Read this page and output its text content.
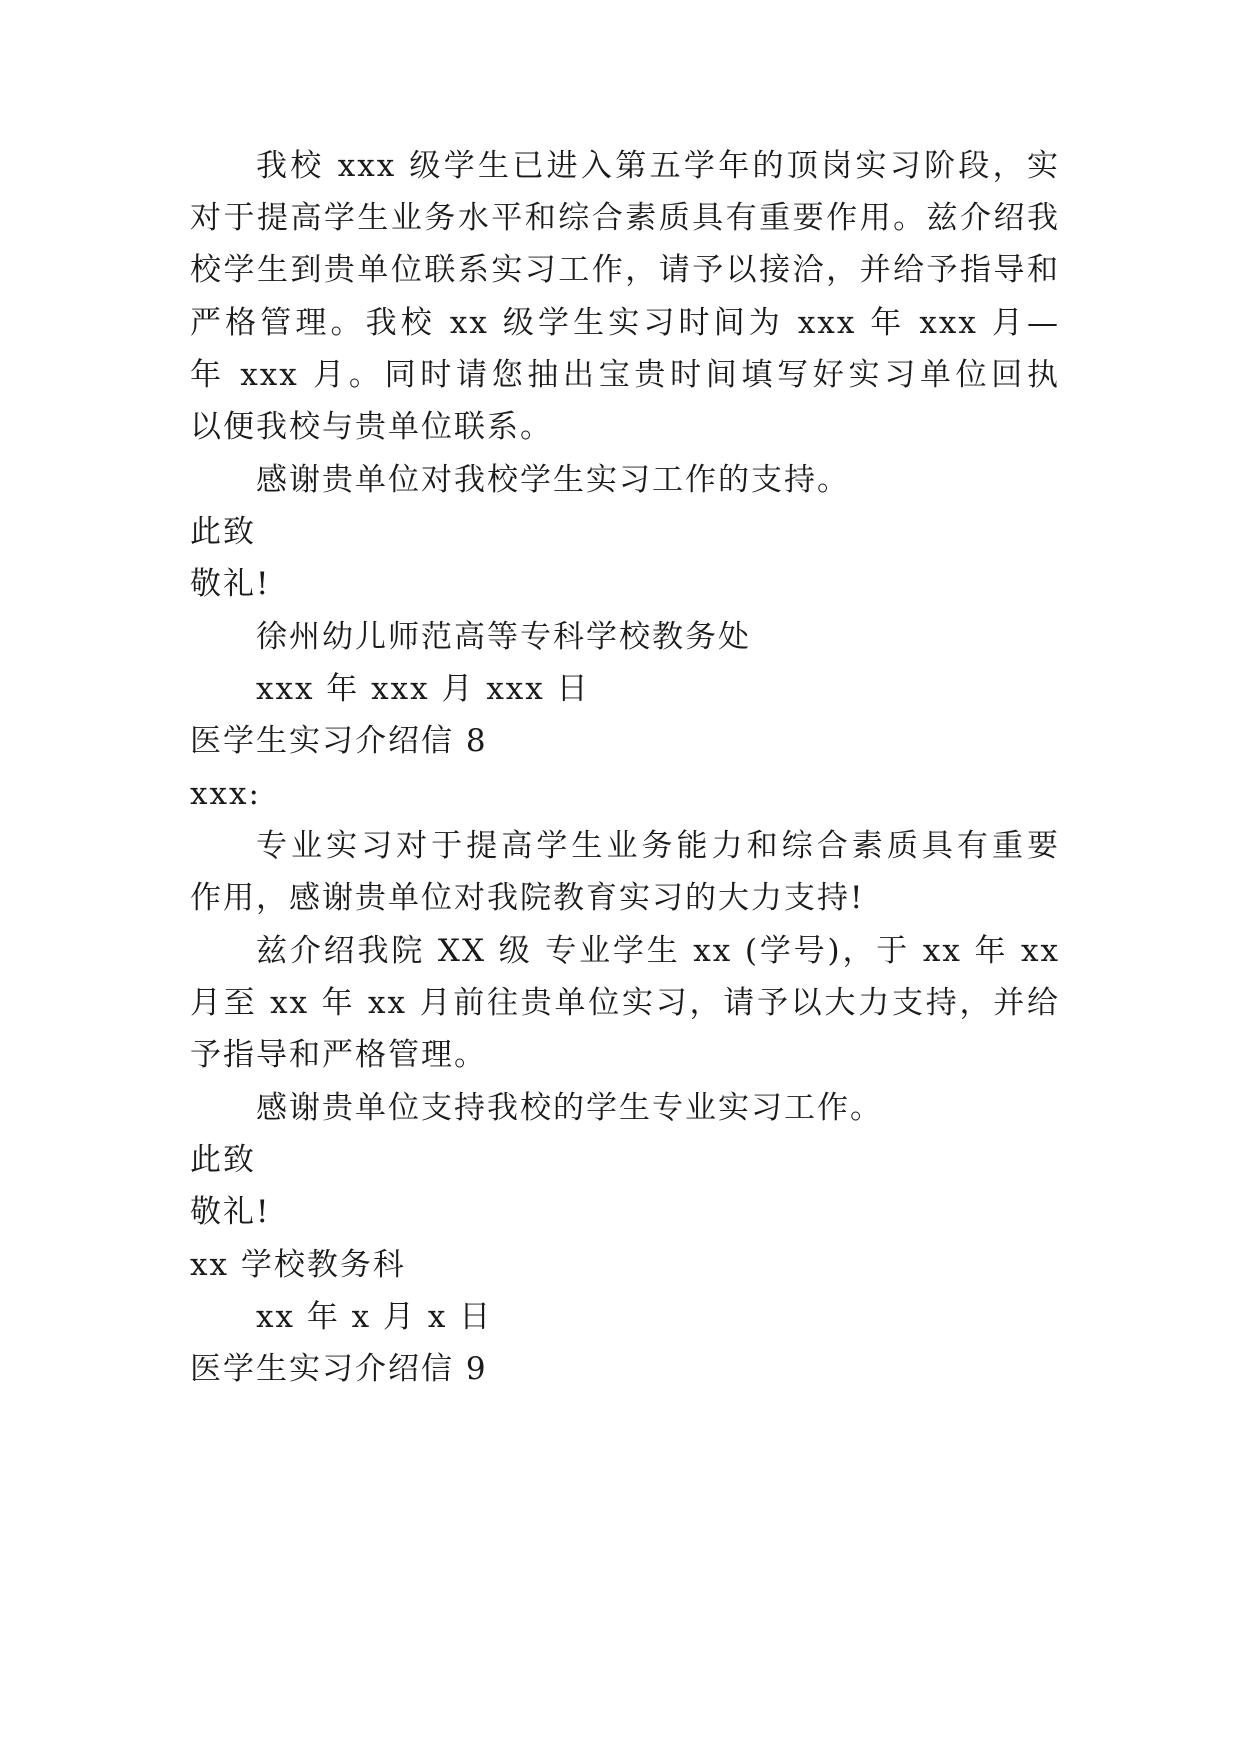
我校 xxx 级学生已进入第五学年的顶岗实习阶段，实
对于提高学生业务水平和综合素质具有重要作用。兹介绍我
校学生到贵单位联系实习工作，请予以接洽，并给予指导和
严格管理。我校 xx 级学生实习时间为 xxx 年 xxx 月—
年 xxx 月。同时请您抽出宝贵时间填写好实习单位回执
以便我校与贵单位联系。
感谢贵单位对我校学生实习工作的支持。
此致
敬礼!
徐州幼儿师范高等专科学校教务处
xxx 年 xxx 月 xxx 日
医学生实习介绍信 8
xxx:
专业实习对于提高学生业务能力和综合素质具有重要
作用，感谢贵单位对我院教育实习的大力支持!
兹介绍我院 XX 级 专业学生 xx (学号)，于 xx 年 xx
月至 xx 年 xx 月前往贵单位实习，请予以大力支持，并给
予指导和严格管理。
感谢贵单位支持我校的学生专业实习工作。
此致
敬礼!
xx 学校教务科
xx 年 x 月 x 日
医学生实习介绍信 9
